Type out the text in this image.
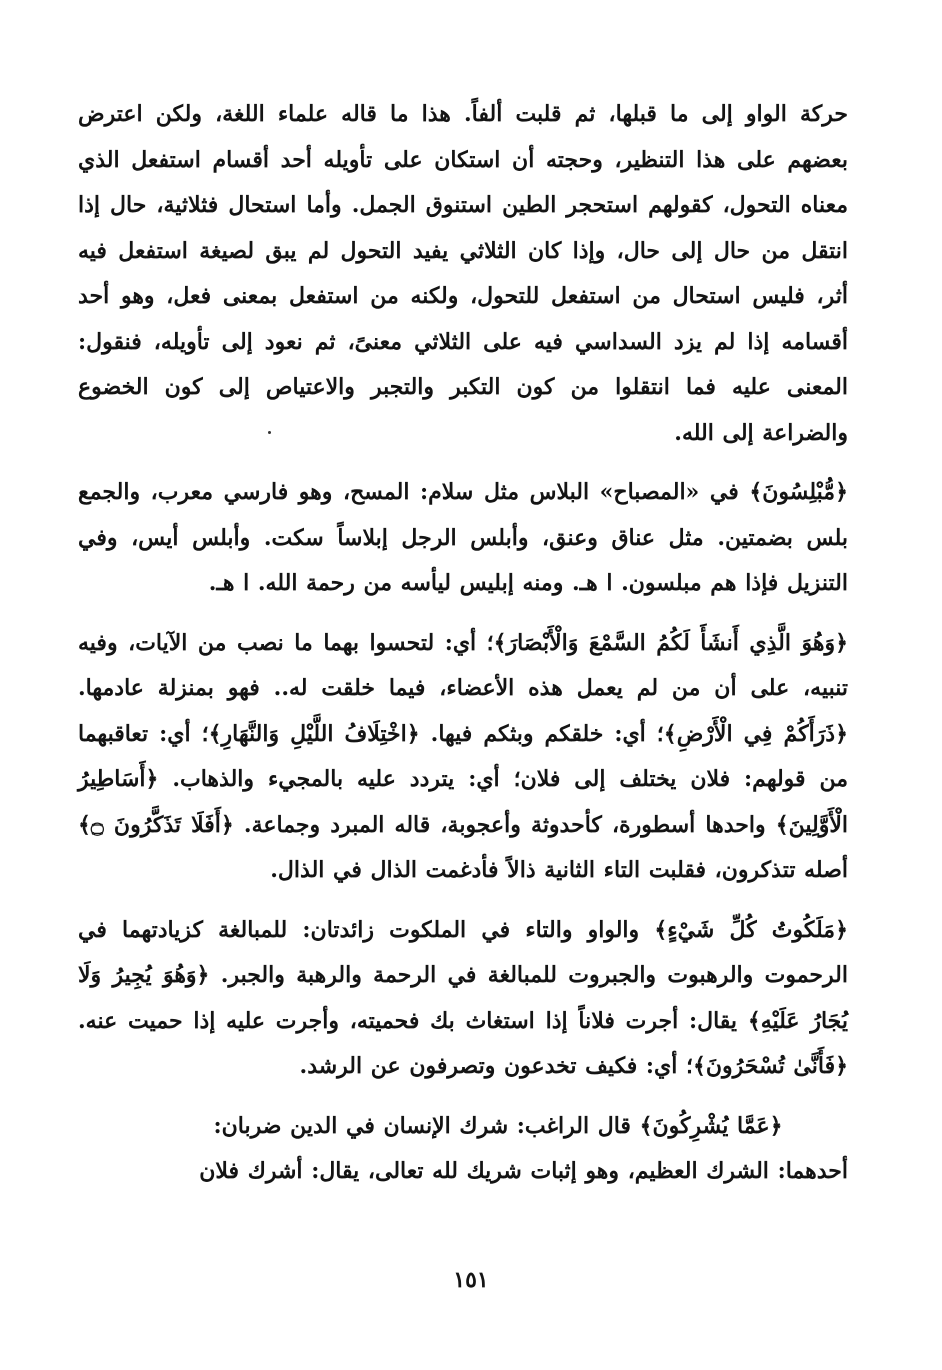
حركة الواو إلى ما قبلها، ثم قلبت ألفاً. هذا ما قاله علماء اللغة، ولكن اعترض بعضهم على هذا التنظير، وحجته أن استكان على تأويله أحد أقسام استفعل الذي معناه التحول، كقولهم استحجر الطين استنوق الجمل. وأما استحال فثلاثية، حال إذا انتقل من حال إلى حال، وإذا كان الثلاثي يفيد التحول لم يبق لصيغة استفعل فيه أثر، فليس استحال من استفعل للتحول، ولكنه من استفعل بمعنى فعل، وهو أحد أقسامه إذا لم يزد السداسي فيه على الثلاثي معنىً، ثم نعود إلى تأويله، فنقول: المعنى عليه فما انتقلوا من كون التكبر والتجبر والاعتياص إلى كون الخضوع والضراعة إلى الله.

﴿مُّبْلِسُونَ﴾ في «المصباح» البلاس مثل سلام: المسح، وهو فارسي معرب، والجمع بلس بضمتين. مثل عناق وعنق، وأبلس الرجل إبلاساً سكت. وأبلس أيس، وفي التنزيل فإذا هم مبلسون. ا هـ. ومنه إبليس ليأسه من رحمة الله. ا هـ.

﴿وَهُوَ الَّذِي أَنشَأَ لَكُمُ السَّمْعَ وَالْأَبْصَارَ﴾؛ أي: لتحسوا بهما ما نصب من الآيات، وفيه تنبيه، على أن من لم يعمل هذه الأعضاء، فيما خلقت له.. فهو بمنزلة عادمها. ﴿ذَرَأَكُمْ فِي الْأَرْضِ﴾؛ أي: خلقكم وبثكم فيها. ﴿اخْتِلَافُ اللَّيْلِ وَالنَّهَارِ﴾؛ أي: تعاقبهما من قولهم: فلان يختلف إلى فلان؛ أي: يتردد عليه بالمجيء والذهاب. ﴿أَسَاطِيرُ الْأَوَّلِينَ﴾ واحدها أسطورة، كأحدوثة وأعجوبة، قاله المبرد وجماعة. ﴿أَفَلَا تَذَكَّرُونَ ۝﴾ أصله تتذكرون، فقلبت التاء الثانية ذالاً فأدغمت الذال في الذال.

﴿مَلَكُوتُ كُلِّ شَيْءٍ﴾ والواو والتاء في الملكوت زائدتان: للمبالغة كزيادتهما في الرحموت والرهبوت والجبروت للمبالغة في الرحمة والرهبة والجبر. ﴿وَهُوَ يُجِيرُ وَلَا يُجَارُ عَلَيْهِ﴾ يقال: أجرت فلاناً إذا استغاث بك فحميته، وأجرت عليه إذا حميت عنه. ﴿فَأَنَّىٰ تُسْحَرُونَ﴾؛ أي: فكيف تخدعون وتصرفون عن الرشد.

﴿عَمَّا يُشْرِكُونَ﴾ قال الراغب: شرك الإنسان في الدين ضربان:

أحدهما: الشرك العظيم، وهو إثبات شريك لله تعالى، يقال: أشرك فلان

١٥١
